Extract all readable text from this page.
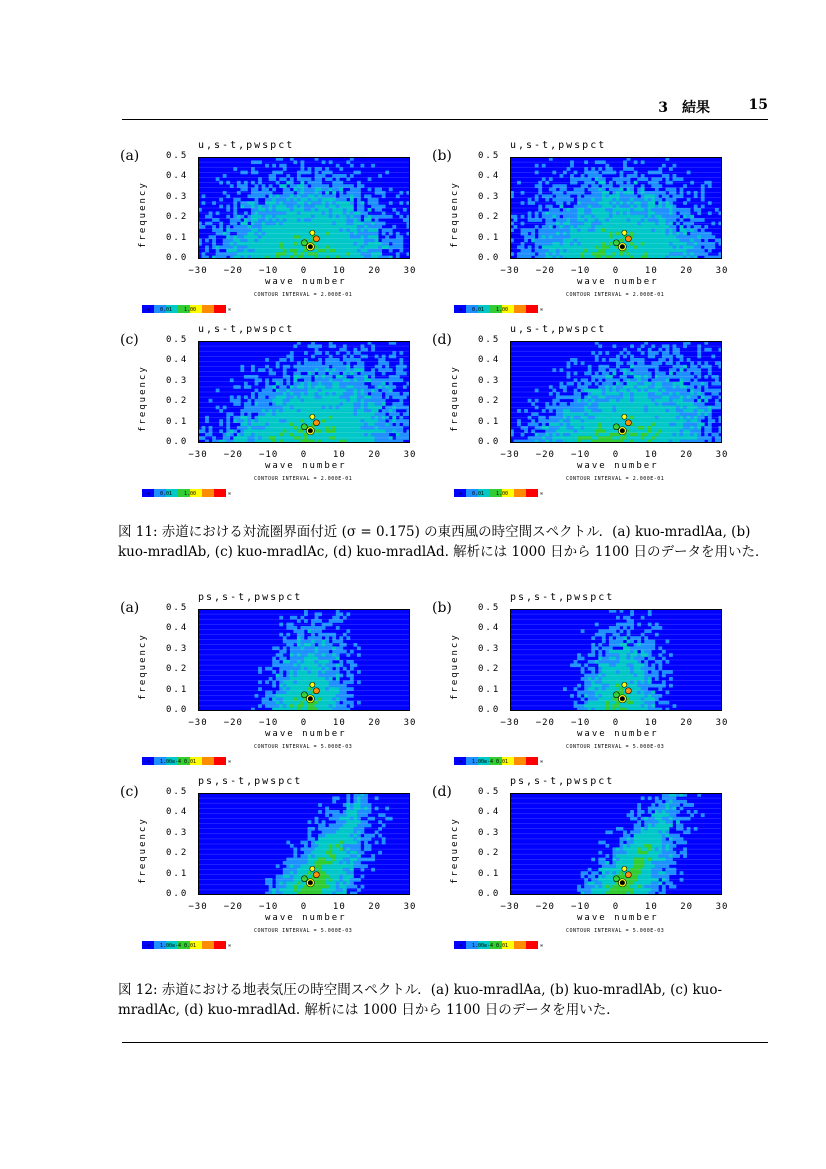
3　結果	15
(a)
u,s-t,pwspct
frequency
0.5
0.4
0.3
0.2
0.1
0.0
−30	−20	−10	0	10	20	30
wave number
CONTOUR INTERVAL = 2.000E-01
-∞ 0.01 1.00	∞
(b)
u,s-t,pwspct
frequency
0.5
0.4
0.3
0.2
0.1
0.0
−30	−20	−10	0	10	20	30
wave number
CONTOUR INTERVAL = 2.000E-01
-∞ 0.01 1.00	∞
(c)
u,s-t,pwspct
frequency
0.5
0.4
0.3
0.2
0.1
0.0
−30	−20	−10	0	10	20	30
wave number
CONTOUR INTERVAL = 2.000E-01
-∞ 0.01 1.00	∞
(d)
u,s-t,pwspct
frequency
0.5
0.4
0.3
0.2
0.1
0.0
−30	−20	−10	0	10	20	30
wave number
CONTOUR INTERVAL = 2.000E-01
-∞ 0.01 1.00	∞
図 11: 赤道における対流圏界面付近 (σ = 0.175) の東西風の時空間スペクトル．(a) kuo-mradlAa, (b) kuo-mradlAb, (c) kuo-mradlAc, (d) kuo-mradlAd. 解析には 1000 日から 1100 日のデータを用いた．
(a)
ps,s-t,pwspct
frequency
0.5
0.4
0.3
0.2
0.1
0.0
−30	−20	−10	0	10	20	30
wave number
CONTOUR INTERVAL = 5.000E-03
-∞ 1.00e-4 0.01	∞
(b)
ps,s-t,pwspct
frequency
0.5
0.4
0.3
0.2
0.1
0.0
−30	−20	−10	0	10	20	30
wave number
CONTOUR INTERVAL = 5.000E-03
-∞ 1.00e-4 0.01	∞
(c)
ps,s-t,pwspct
frequency
0.5
0.4
0.3
0.2
0.1
0.0
−30	−20	−10	0	10	20	30
wave number
CONTOUR INTERVAL = 5.000E-03
-∞ 1.00e-4 0.01	∞
(d)
ps,s-t,pwspct
frequency
0.5
0.4
0.3
0.2
0.1
0.0
−30	−20	−10	0	10	20	30
wave number
CONTOUR INTERVAL = 5.000E-03
-∞ 1.00e-4 0.01	∞
図 12: 赤道における地表気圧の時空間スペクトル．(a) kuo-mradlAa, (b) kuo-mradlAb, (c) kuo-mradlAc, (d) kuo-mradlAd. 解析には 1000 日から 1100 日のデータを用いた．
